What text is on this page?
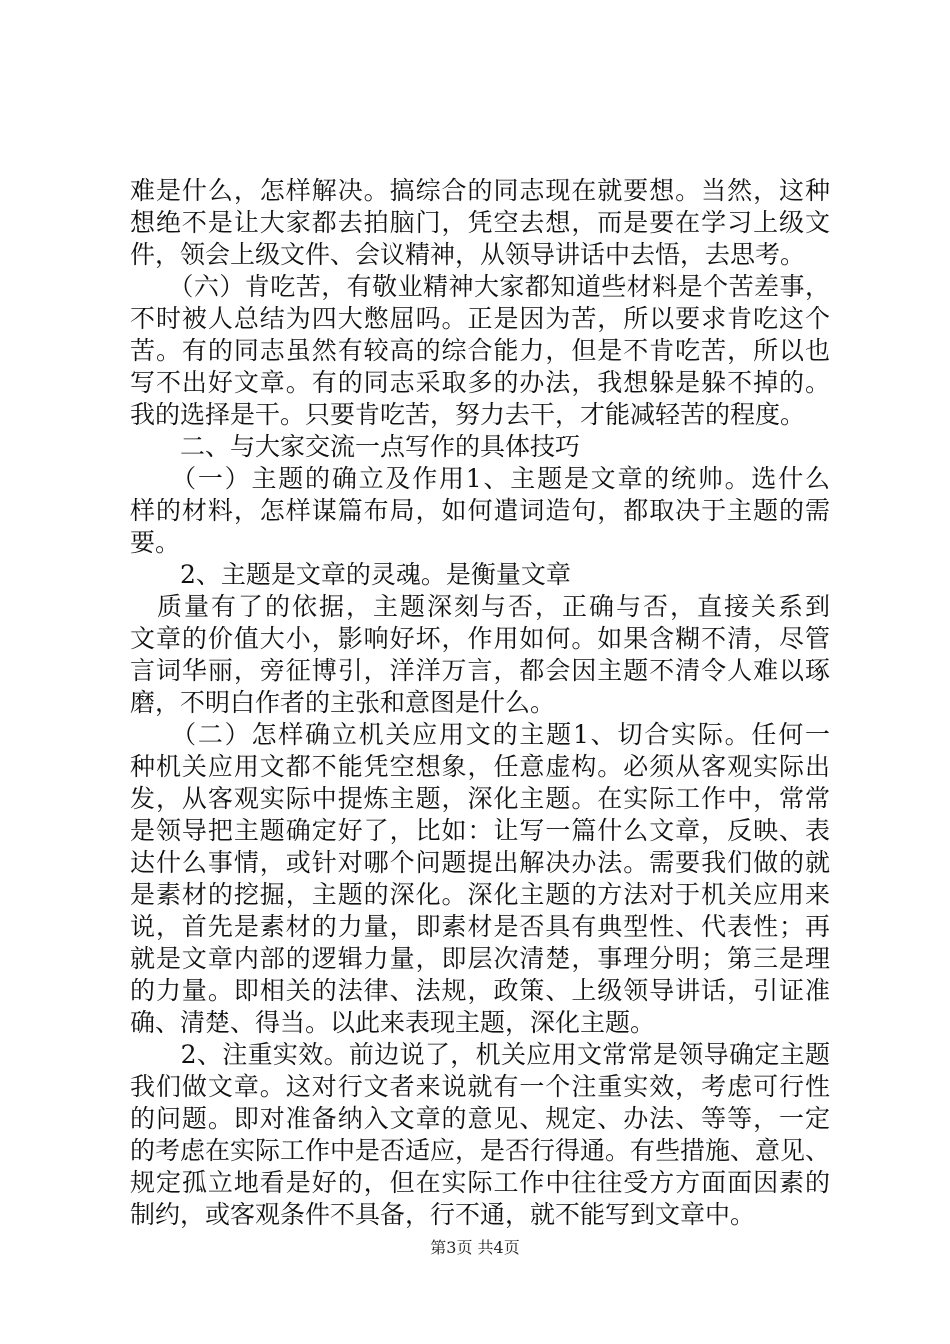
难是什么，怎样解决。搞综合的同志现在就要想。当然，这种
想绝不是让大家都去拍脑门，凭空去想，而是要在学习上级文
件，领会上级文件、会议精神，从领导讲话中去悟，去思考。
　　（六）肯吃苦，有敬业精神大家都知道些材料是个苦差事，
不时被人总结为四大憋屈吗。正是因为苦，所以要求肯吃这个
苦。有的同志虽然有较高的综合能力，但是不肯吃苦，所以也
写不出好文章。有的同志采取多的办法，我想躲是躲不掉的。
我的选择是干。只要肯吃苦，努力去干，才能减轻苦的程度。
　　二、与大家交流一点写作的具体技巧
　　（一）主题的确立及作用1、主题是文章的统帅。选什么
样的材料，怎样谋篇布局，如何遣词造句，都取决于主题的需
要。
　　2、主题是文章的灵魂。是衡量文章
　质量有了的依据，主题深刻与否，正确与否，直接关系到
文章的价值大小，影响好坏，作用如何。如果含糊不清，尽管
言词华丽，旁征博引，洋洋万言，都会因主题不清令人难以琢
磨，不明白作者的主张和意图是什么。
　　（二）怎样确立机关应用文的主题1、切合实际。任何一
种机关应用文都不能凭空想象，任意虚构。必须从客观实际出
发，从客观实际中提炼主题，深化主题。在实际工作中，常常
是领导把主题确定好了，比如：让写一篇什么文章，反映、表
达什么事情，或针对哪个问题提出解决办法。需要我们做的就
是素材的挖掘，主题的深化。深化主题的方法对于机关应用来
说，首先是素材的力量，即素材是否具有典型性、代表性；再
就是文章内部的逻辑力量，即层次清楚，事理分明；第三是理
的力量。即相关的法律、法规，政策、上级领导讲话，引证准
确、清楚、得当。以此来表现主题，深化主题。
　　2、注重实效。前边说了，机关应用文常常是领导确定主题
我们做文章。这对行文者来说就有一个注重实效，考虑可行性
的问题。即对准备纳入文章的意见、规定、办法、等等，一定
的考虑在实际工作中是否适应，是否行得通。有些措施、意见、
规定孤立地看是好的，但在实际工作中往往受方方面面因素的
制约，或客观条件不具备，行不通，就不能写到文章中。
第3页 共4页
